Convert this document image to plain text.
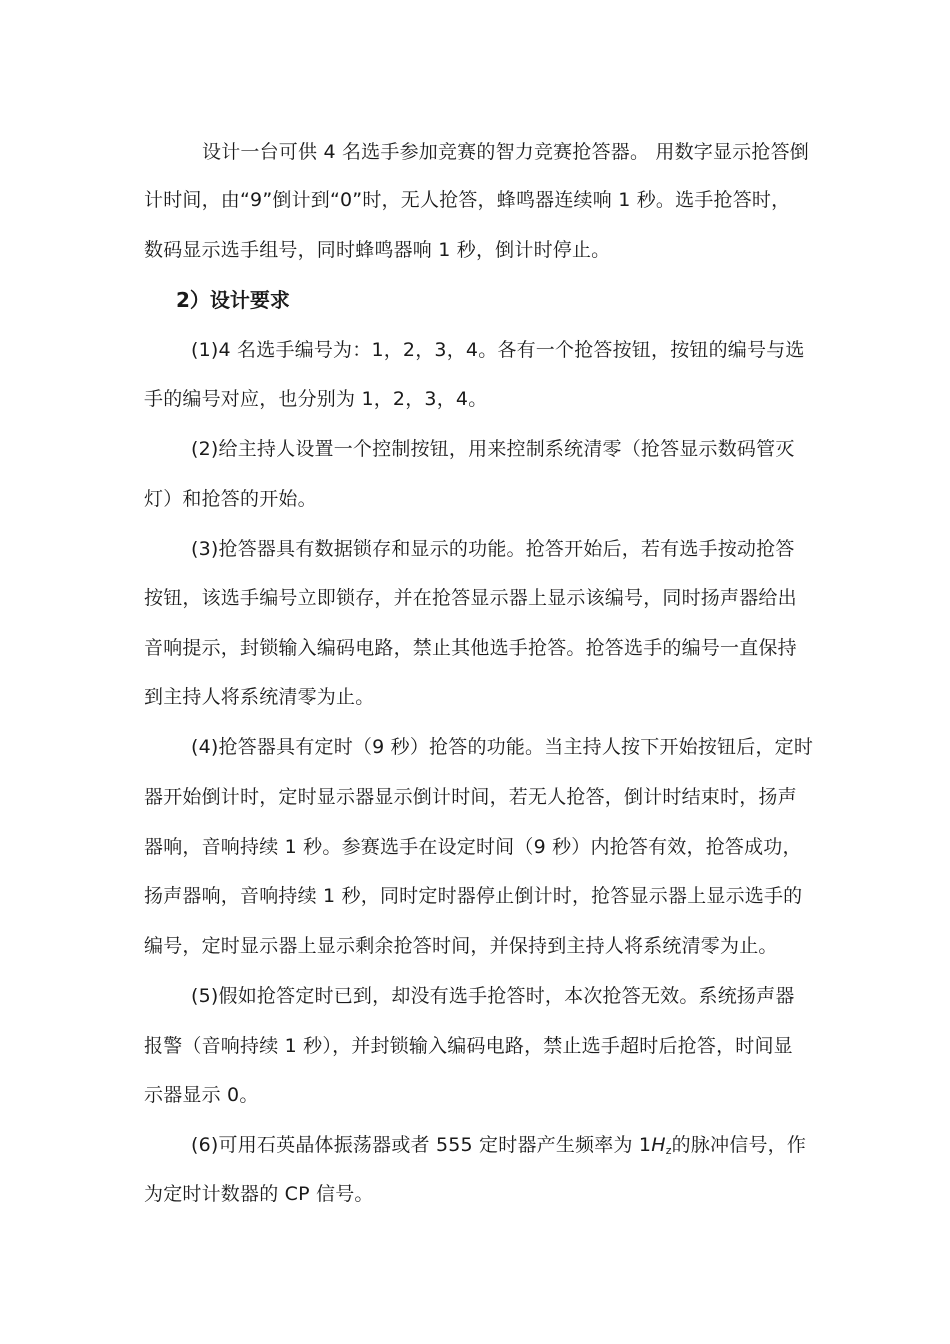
设计一台可供 4 名选手参加竞赛的智力竞赛抢答器。 用数字显示抢答倒
计时间，由“9”倒计到“0”时，无人抢答，蜂鸣器连续响 1 秒。选手抢答时，
数码显示选手组号，同时蜂鸣器响 1 秒，倒计时停止。
2）设计要求
(1)4 名选手编号为：1，2，3，4。各有一个抢答按钮，按钮的编号与选
手的编号对应，也分别为 1，2，3，4。
(2)给主持人设置一个控制按钮，用来控制系统清零（抢答显示数码管灭
灯）和抢答的开始。
(3)抢答器具有数据锁存和显示的功能。抢答开始后，若有选手按动抢答
按钮，该选手编号立即锁存，并在抢答显示器上显示该编号，同时扬声器给出
音响提示，封锁输入编码电路，禁止其他选手抢答。抢答选手的编号一直保持
到主持人将系统清零为止。
(4)抢答器具有定时（9 秒）抢答的功能。当主持人按下开始按钮后，定时
器开始倒计时，定时显示器显示倒计时间，若无人抢答，倒计时结束时，扬声
器响，音响持续 1 秒。参赛选手在设定时间（9 秒）内抢答有效，抢答成功，
扬声器响，音响持续 1 秒，同时定时器停止倒计时，抢答显示器上显示选手的
编号，定时显示器上显示剩余抢答时间，并保持到主持人将系统清零为止。
(5)假如抢答定时已到，却没有选手抢答时，本次抢答无效。系统扬声器
报警（音响持续 1 秒），并封锁输入编码电路，禁止选手超时后抢答，时间显
示器显示 0。
(6)可用石英晶体振荡器或者 555 定时器产生频率为 1Hz的脉冲信号，作
为定时计数器的 CP 信号。
